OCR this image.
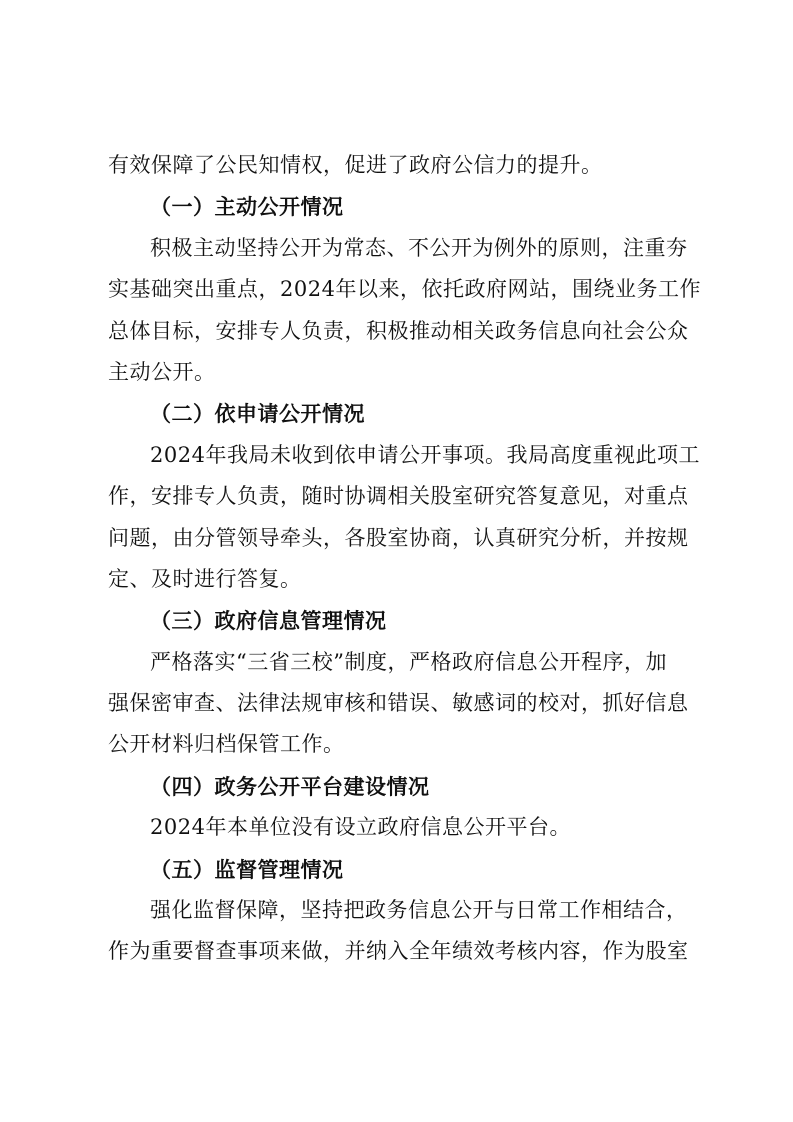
有效保障了公民知情权，促进了政府公信力的提升。
（一）主动公开情况
积极主动坚持公开为常态、不公开为例外的原则，注重夯
实基础突出重点，2024年以来，依托政府网站，围绕业务工作
总体目标，安排专人负责，积极推动相关政务信息向社会公众
主动公开。
（二）依申请公开情况
2024年我局未收到依申请公开事项。我局高度重视此项工
作，安排专人负责，随时协调相关股室研究答复意见，对重点
问题，由分管领导牵头，各股室协商，认真研究分析，并按规
定、及时进行答复。
（三）政府信息管理情况
严格落实“三省三校”制度，严格政府信息公开程序，加
强保密审查、法律法规审核和错误、敏感词的校对，抓好信息
公开材料归档保管工作。
（四）政务公开平台建设情况
2024年本单位没有设立政府信息公开平台。
（五）监督管理情况
强化监督保障，坚持把政务信息公开与日常工作相结合，
作为重要督查事项来做，并纳入全年绩效考核内容，作为股室
